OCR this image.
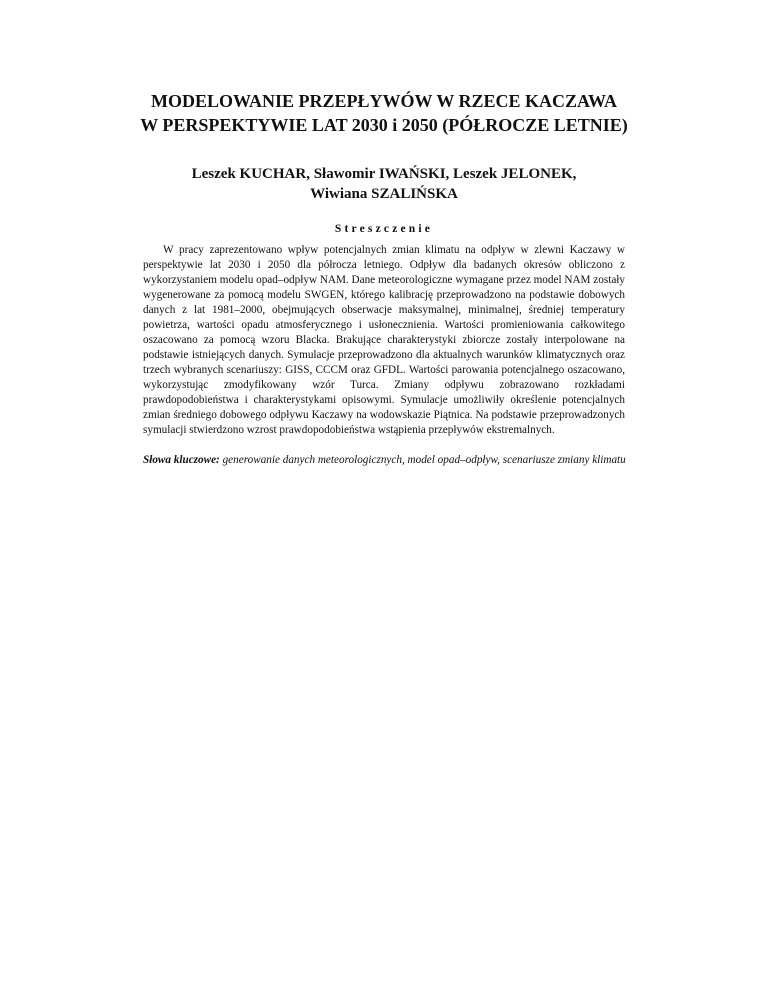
MODELOWANIE PRZEPŁYWÓW W RZECE KACZAWA
W PERSPEKTYWIE LAT 2030 i 2050 (PÓŁROCZE LETNIE)
Leszek KUCHAR, Sławomir IWAŃSKI, Leszek JELONEK,
Wiwiana SZALIŃSKA
Streszczenie

W pracy zaprezentowano wpływ potencjalnych zmian klimatu na odpływ w zlewni Kaczawy w perspektywie lat 2030 i 2050 dla półrocza letniego. Odpływ dla badanych okresów obliczono z wykorzystaniem modelu opad–odpływ NAM. Dane meteorologiczne wymagane przez model NAM zostały wygenerowane za pomocą modelu SWGEN, którego kalibrację przeprowadzono na podstawie dobowych danych z lat 1981–2000, obejmujących obserwacje maksymalnej, minimalnej, średniej temperatury powietrza, wartości opadu atmosferycznego i usłonecznienia. Wartości promieniowania całkowitego oszacowano za pomocą wzoru Blacka. Brakujące charakterystyki zbiorcze zostały interpolowane na podstawie istniejących danych. Symulacje przeprowadzono dla aktualnych warunków klimatycznych oraz trzech wybranych scenariuszy: GISS, CCCM oraz GFDL. Wartości parowania potencjalnego oszacowano, wykorzystując zmodyfikowany wzór Turca. Zmiany odpływu zobrazowano rozkładami prawdopodobieństwa i charakterystykami opisowymi. Symulacje umożliwiły określenie potencjalnych zmian średniego dobowego odpływu Kaczawy na wodowskazie Piątnica. Na podstawie przeprowadzonych symulacji stwierdzono wzrost prawdopodobieństwa wstąpienia przepływów ekstremalnych.

Słowa kluczowe: generowanie danych meteorologicznych, model opad–odpływ, scenariusze zmiany klimatu
